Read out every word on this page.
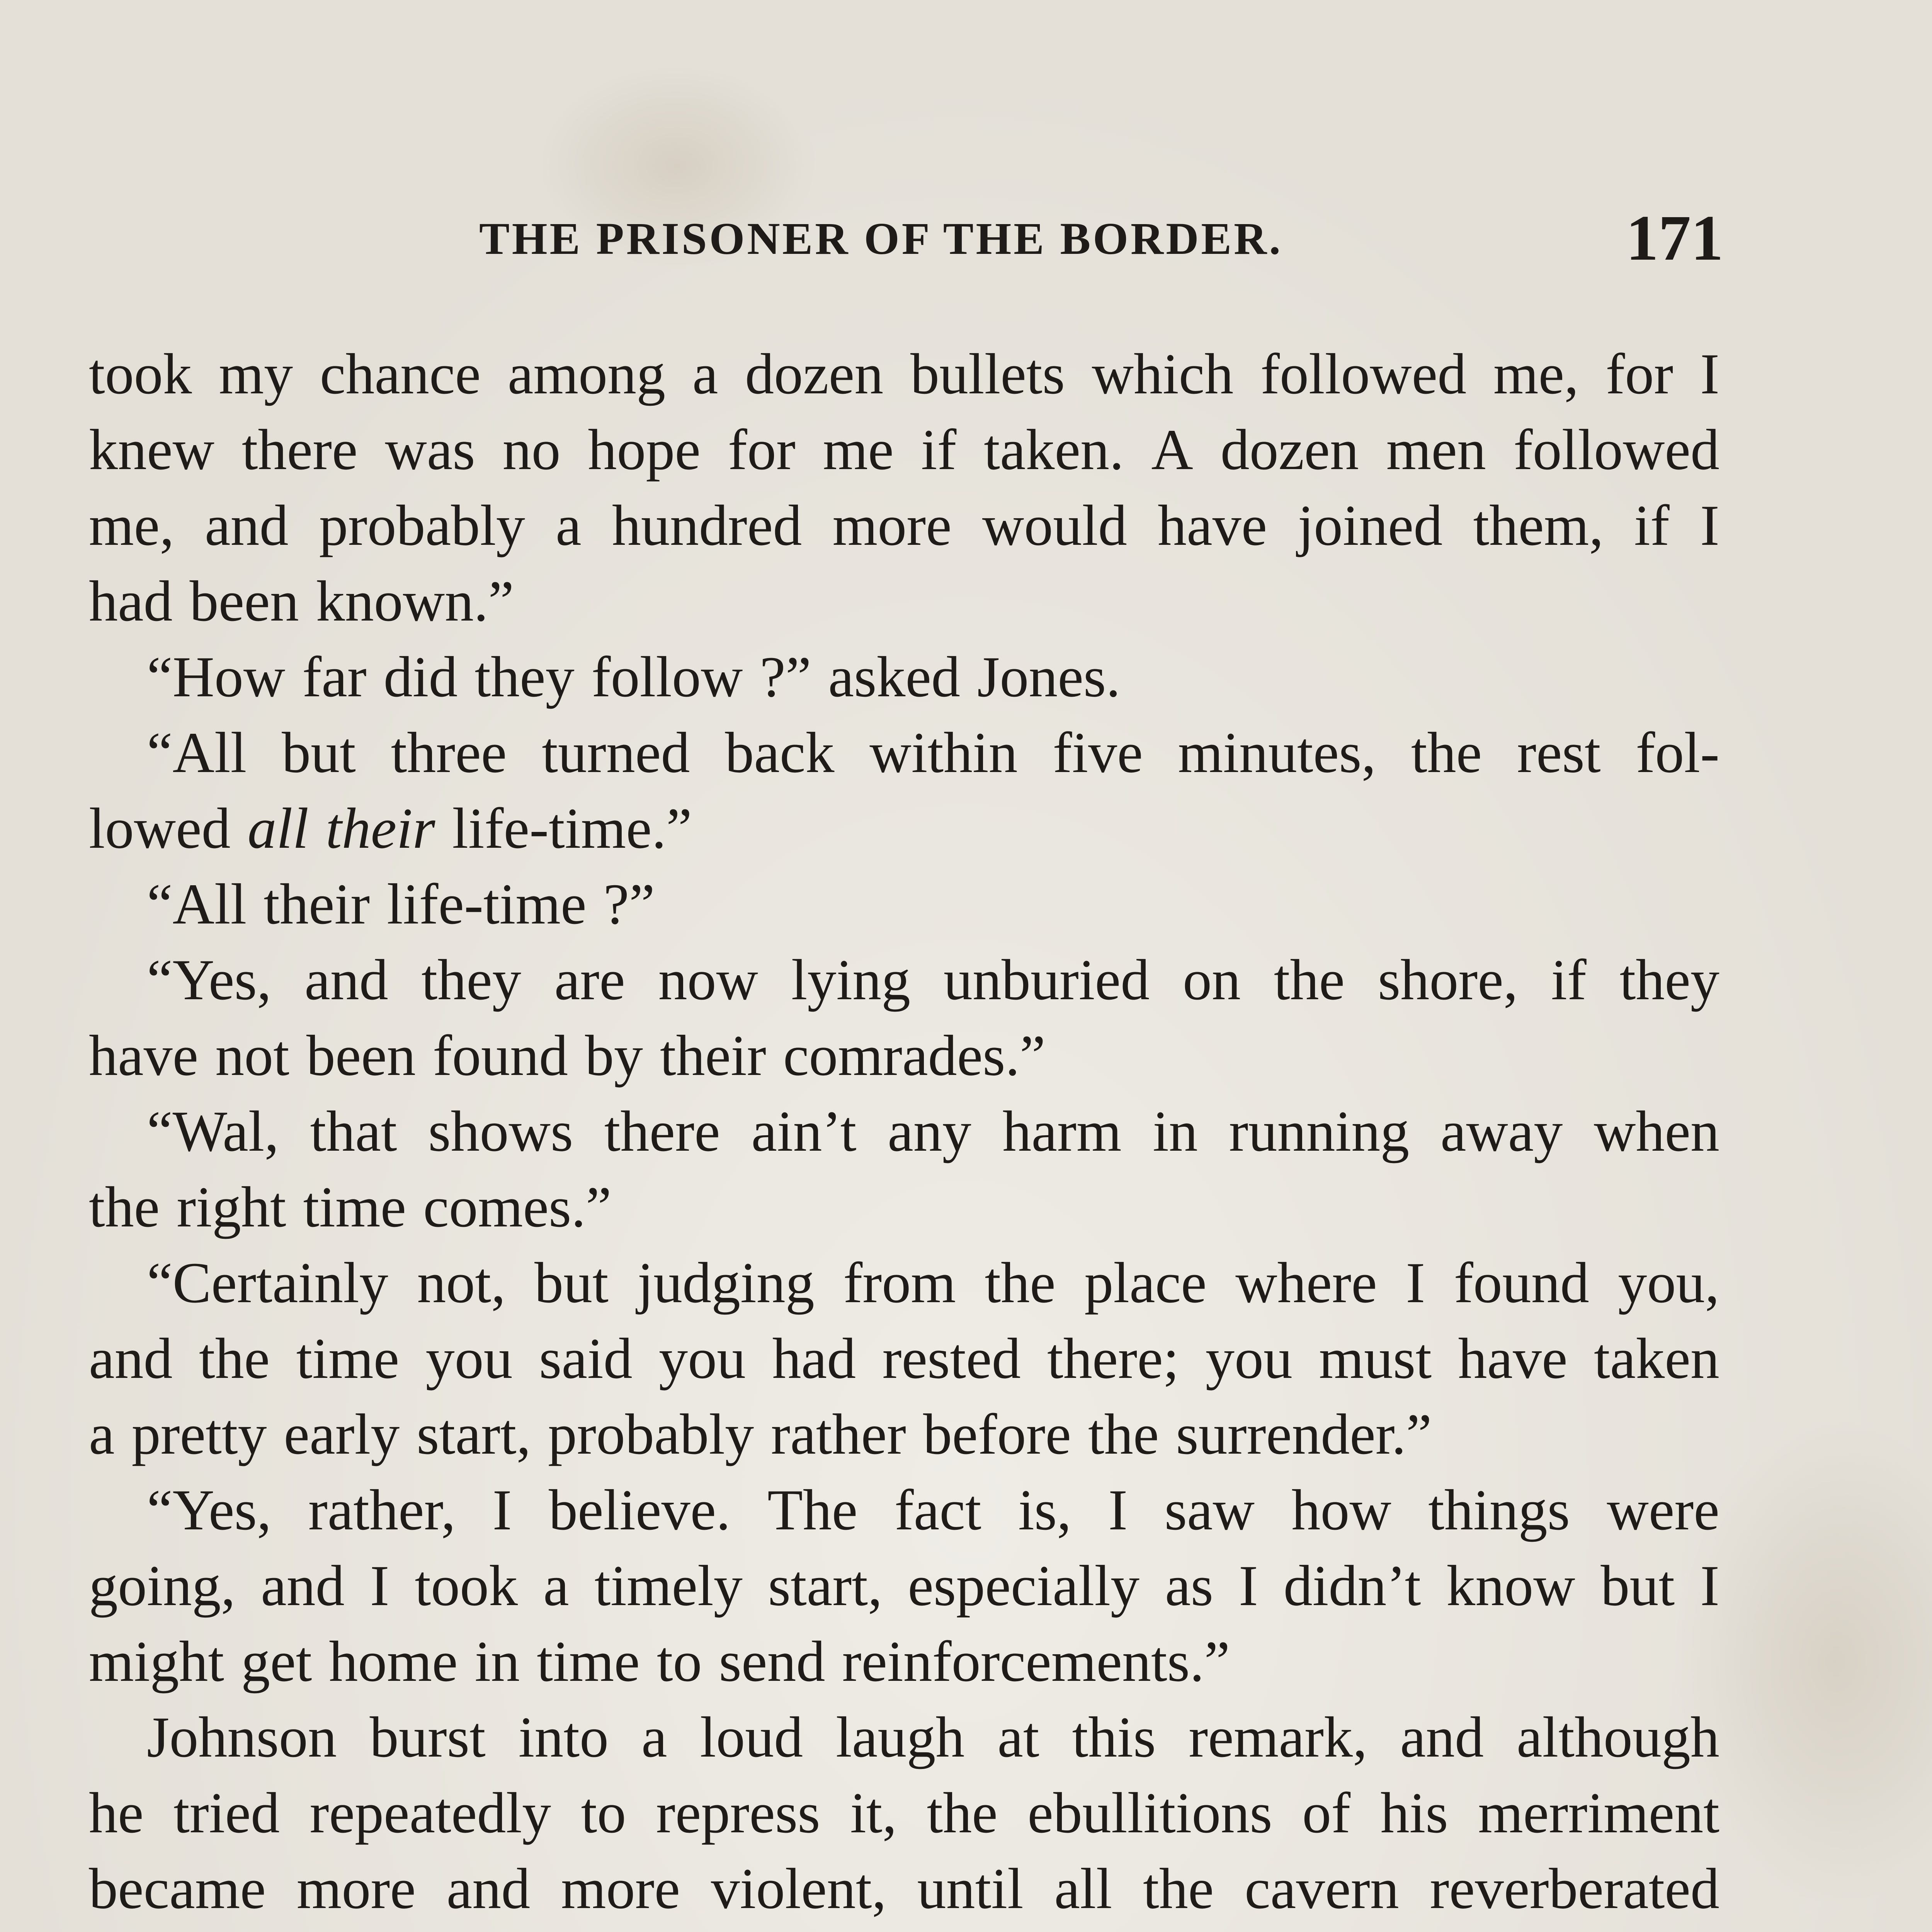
THE PRISONER OF THE BORDER.	171
took my chance among a dozen bullets which followed me, for I
knew there was no hope for me if taken. A dozen men followed
me, and probably a hundred more would have joined them, if I
had been known.”
“How far did they follow ?” asked Jones.
“All but three turned back within five minutes, the rest fol-
lowed all their life-time.”
“All their life-time ?”
“Yes, and they are now lying unburied on the shore, if they
have not been found by their comrades.”
“Wal, that shows there ain’t any harm in running away when
the right time comes.”
“Certainly not, but judging from the place where I found you,
and the time you said you had rested there; you must have taken
a pretty early start, probably rather before the surrender.”
“Yes, rather, I believe. The fact is, I saw how things were
going, and I took a timely start, especially as I didn’t know but I
might get home in time to send reinforcements.”
Johnson burst into a loud laugh at this remark, and although
he tried repeatedly to repress it, the ebullitions of his merriment
became more and more violent, until all the cavern reverberated
